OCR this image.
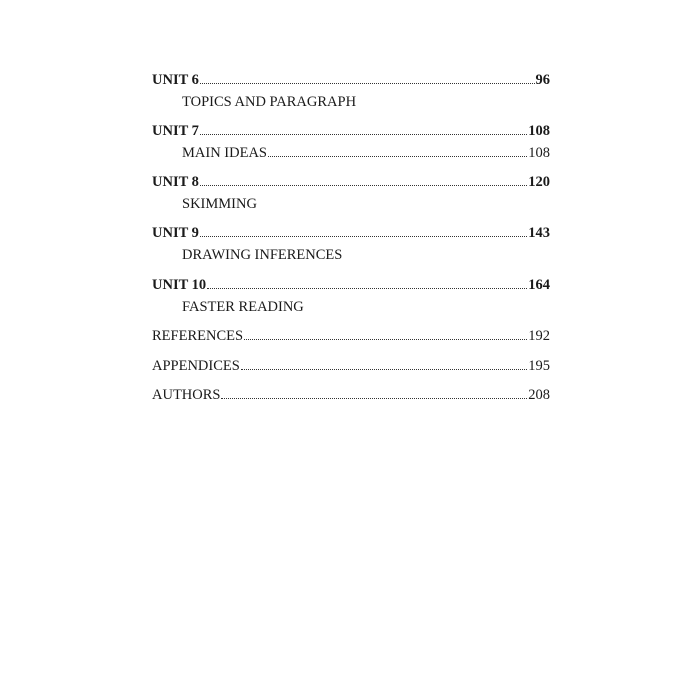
UNIT 6	96
TOPICS AND PARAGRAPH
UNIT 7	108
MAIN IDEAS	108
UNIT 8	120
SKIMMING
UNIT 9	143
DRAWING INFERENCES
UNIT 10	164
FASTER READING
REFERENCES	192
APPENDICES	195
AUTHORS	208
